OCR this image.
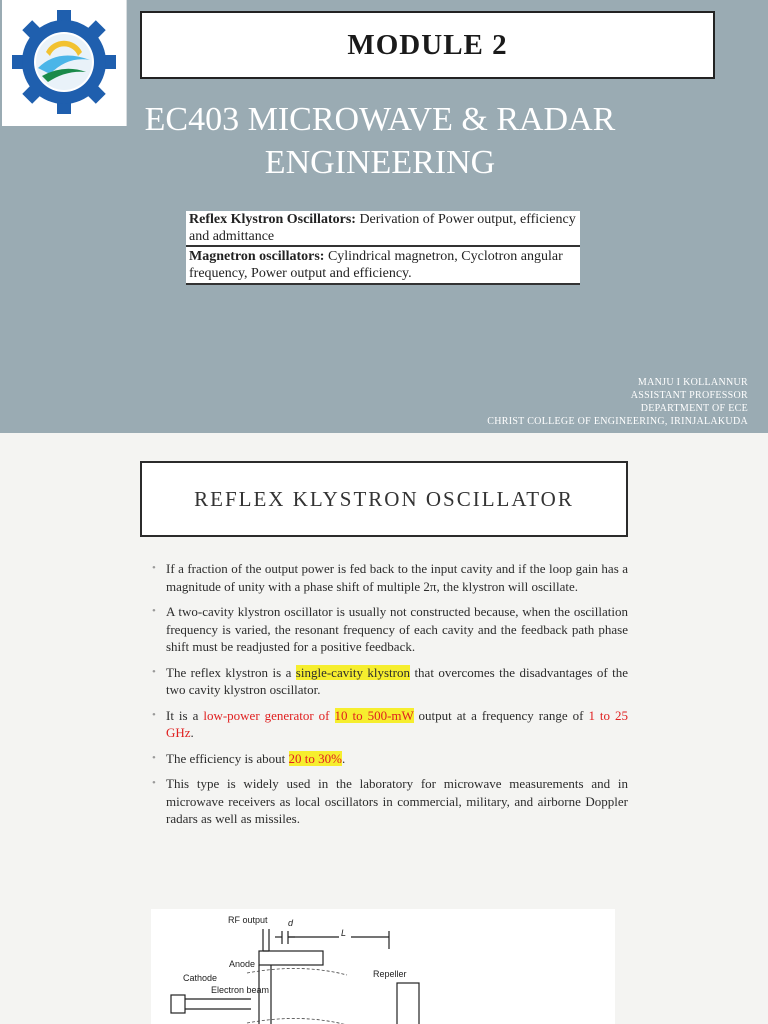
MODULE 2
EC403 MICROWAVE & RADAR
ENGINEERING
Reflex Klystron Oscillators: Derivation of Power output, efficiency and admittance
Magnetron oscillators: Cylindrical magnetron, Cyclotron angular frequency, Power output and efficiency.
MANJU I KOLLANNUR
ASSISTANT PROFESSOR
DEPARTMENT OF ECE
CHRIST COLLEGE OF ENGINEERING, IRINJALAKUDA
REFLEX KLYSTRON OSCILLATOR
• If a fraction of the output power is fed back to the input cavity and if the loop gain has a magnitude of unity with a phase shift of multiple 2π, the klystron will oscillate.
• A two-cavity klystron oscillator is usually not constructed because, when the oscillation frequency is varied, the resonant frequency of each cavity and the feedback path phase shift must be readjusted for a positive feedback.
• The reflex klystron is a single-cavity klystron that overcomes the disadvantages of the two cavity klystron oscillator.
• It is a low-power generator of 10 to 500-mW output at a frequency range of 1 to 25 GHz.
• The efficiency is about 20 to 30%.
• This type is widely used in the laboratory for microwave measurements and in microwave receivers as local oscillators in commercial, military, and airborne Doppler radars as well as missiles.
RF output d
L
Anode
Cathode
Electron beam
Repeller
